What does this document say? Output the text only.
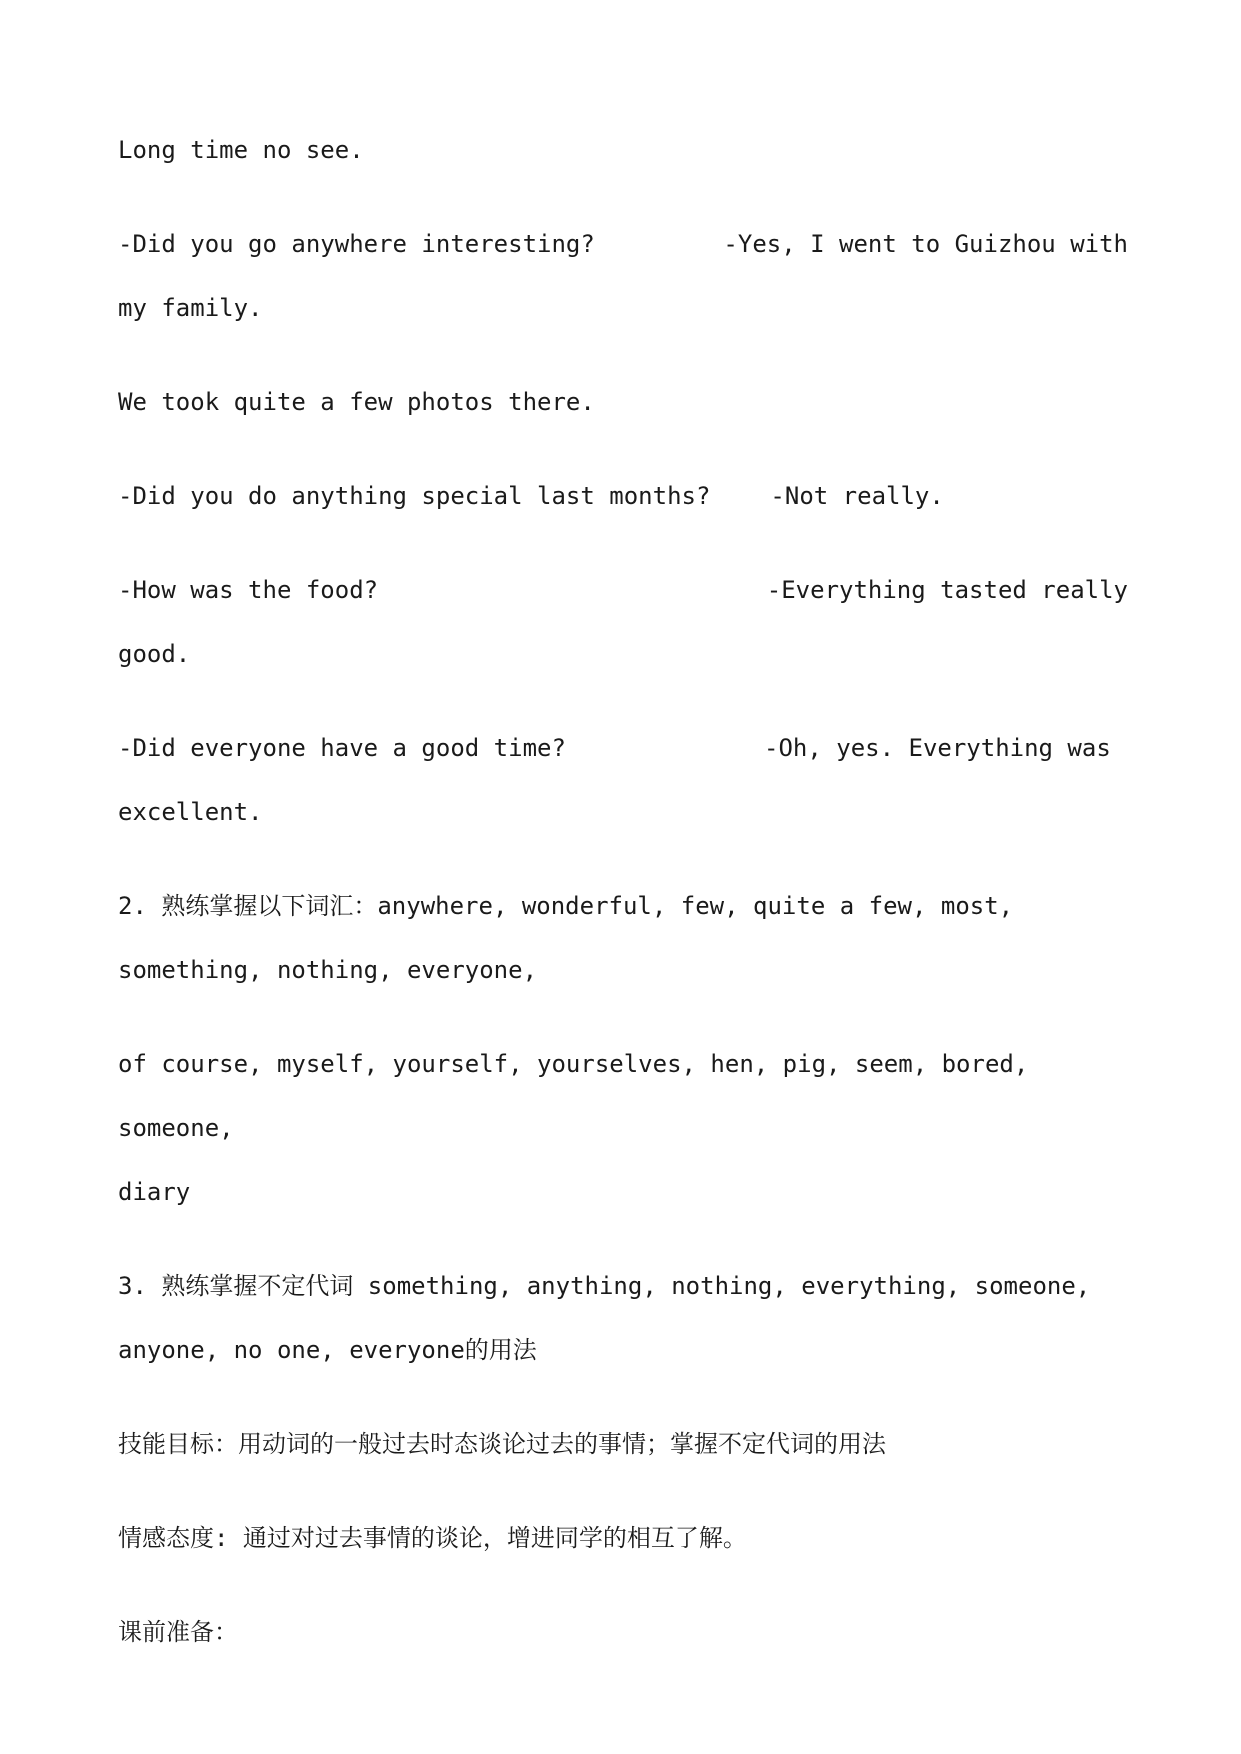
Long time no see.

-Did you go anywhere interesting?	-Yes, I went to Guizhou with

my family.

We took quite a few photos there.

-Did you do anything special last months?	-Not really.
-How was the food?	-Everything tasted really

good.

-Did everyone have a good time?	-Oh, yes. Everything was

excellent.

2. 熟练掌握以下词汇：anywhere, wonderful, few, quite a few, most,

something, nothing, everyone,

of course, myself, yourself, yourselves, hen, pig, seem, bored, someone,

diary

3. 熟练掌握不定代词 something, anything, nothing, everything, someone,

anyone, no one, everyone的用法

技能目标：用动词的一般过去时态谈论过去的事情；掌握不定代词的用法

情感态度: 通过对过去事情的谈论，增进同学的相互了解。

课前准备：
